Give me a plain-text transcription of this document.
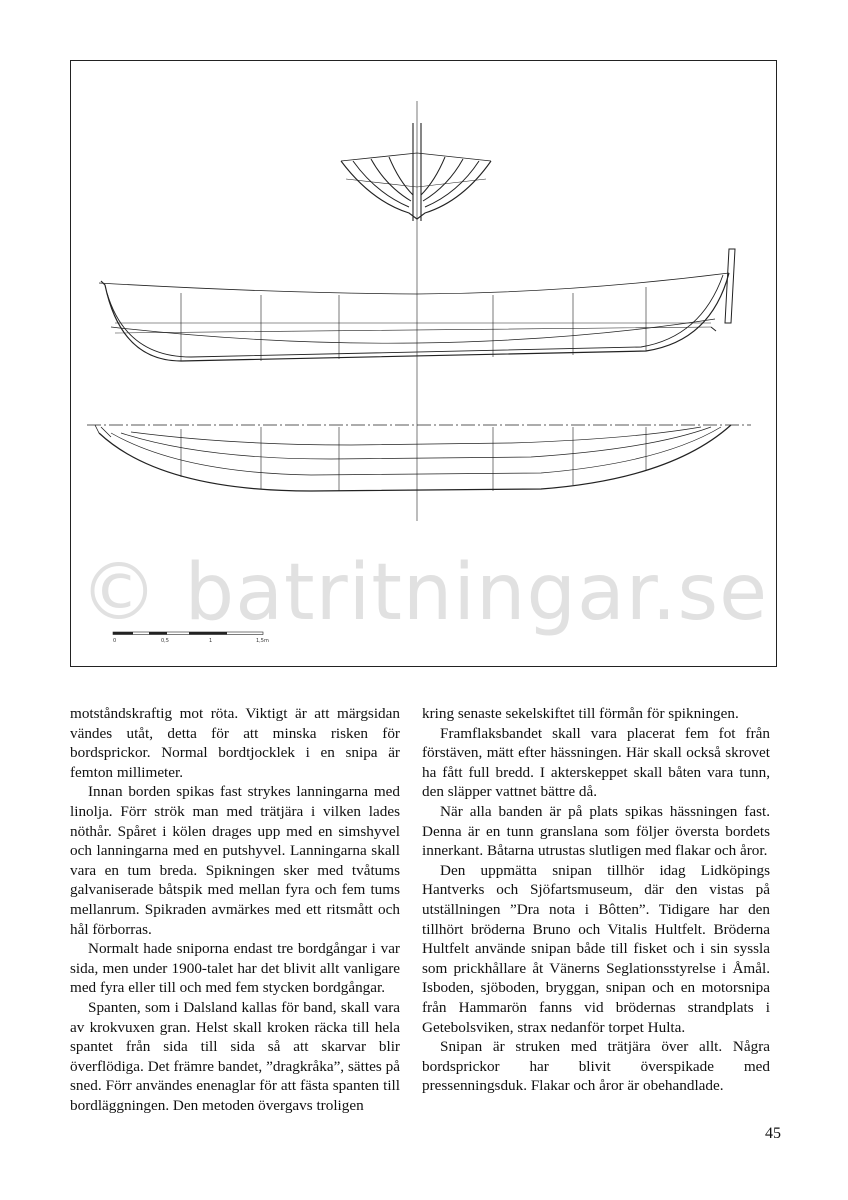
0	0,5	1	1,5m
© batritningar.se

motståndskraftig mot röta. Viktigt är att märgsidan vändes utåt, detta för att minska risken för bordsprickor. Normal bordtjocklek i en snipa är femton millimeter.

Innan borden spikas fast strykes lanningarna med linolja. Förr strök man med trätjära i vilken lades nöthår. Spåret i kölen drages upp med en simshyvel och lanningarna med en putshyvel. Lanningarna skall vara en tum breda. Spikningen sker med tvåtums galvaniserade båtspik med mellan fyra och fem tums mellanrum. Spikraden avmärkes med ett ritsmått och hål förborras.

Normalt hade sniporna endast tre bordgångar i var sida, men under 1900-talet har det blivit allt vanligare med fyra eller till och med fem stycken bordgångar.

Spanten, som i Dalsland kallas för band, skall vara av krokvuxen gran. Helst skall kroken räcka till hela spantet från sida till sida så att skarvar blir överflödiga. Det främre bandet, ”dragkråka”, sättes på sned. Förr användes enenaglar för att fästa spanten till bordläggningen. Den metoden övergavs troligen

kring senaste sekelskiftet till förmån för spikningen.

Framflaksbandet skall vara placerat fem fot från förstäven, mätt efter hässningen. Här skall också skrovet ha fått full bredd. I akterskeppet skall båten vara tunn, den släpper vattnet bättre då.

När alla banden är på plats spikas hässningen fast. Denna är en tunn granslana som följer översta bordets innerkant. Båtarna utrustas slutligen med flakar och åror.

Den uppmätta snipan tillhör idag Lidköpings Hantverks och Sjöfartsmuseum, där den vistas på utställningen ”Dra nota i Bôtten”. Tidigare har den tillhört bröderna Bruno och Vitalis Hultfelt. Bröderna Hultfelt använde snipan både till fisket och i sin syssla som prickhållare åt Vänerns Seglationsstyrelse i Åmål. Isboden, sjöboden, bryggan, snipan och en motorsnipa från Hammarön fanns vid brödernas strandplats i Getebolsviken, strax nedanför torpet Hulta.

Snipan är struken med trätjära över allt. Några bordsprickor har blivit överspikade med pressenningsduk. Flakar och åror är obehandlade.

45
